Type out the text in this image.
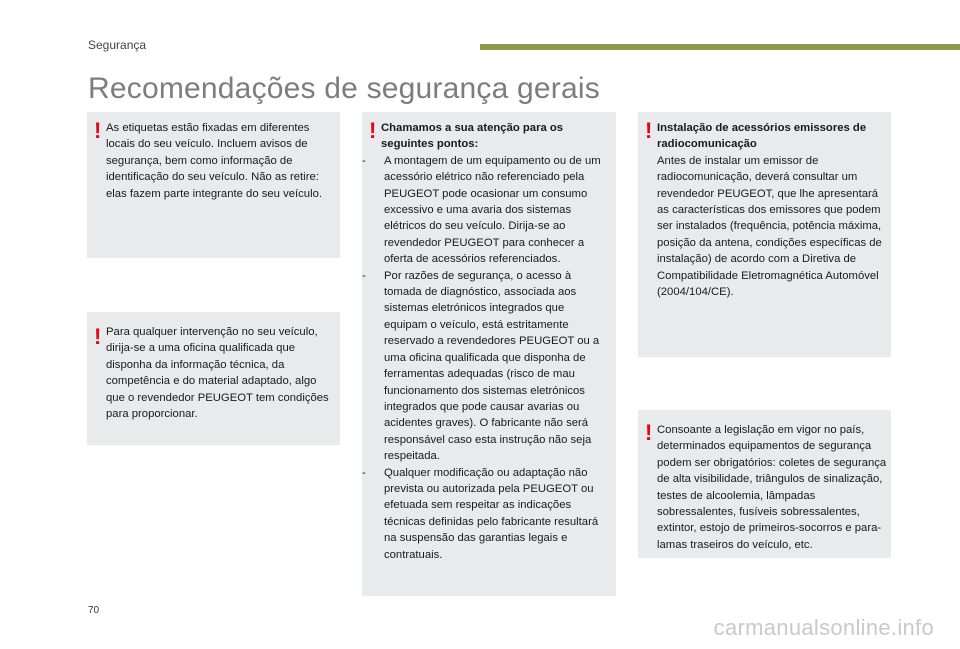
Segurança
Recomendações de segurança gerais
! As etiquetas estão fixadas em diferentes locais do seu veículo. Incluem avisos de segurança, bem como informação de identificação do seu veículo. Não as retire: elas fazem parte integrante do seu veículo.
! Para qualquer intervenção no seu veículo, dirija-se a uma oficina qualificada que disponha da informação técnica, da competência e do material adaptado, algo que o revendedor PEUGEOT tem condições para proporcionar.
! Chamamos a sua atenção para os seguintes pontos:
- A montagem de um equipamento ou de um acessório elétrico não referenciado pela PEUGEOT pode ocasionar um consumo excessivo e uma avaria dos sistemas elétricos do seu veículo. Dirija-se ao revendedor PEUGEOT para conhecer a oferta de acessórios referenciados.
- Por razões de segurança, o acesso à tomada de diagnóstico, associada aos sistemas eletrónicos integrados que equipam o veículo, está estritamente reservado a revendedores PEUGEOT ou a uma oficina qualificada que disponha de ferramentas adequadas (risco de mau funcionamento dos sistemas eletrónicos integrados que pode causar avarias ou acidentes graves). O fabricante não será responsável caso esta instrução não seja respeitada.
- Qualquer modificação ou adaptação não prevista ou autorizada pela PEUGEOT ou efetuada sem respeitar as indicações técnicas definidas pelo fabricante resultará na suspensão das garantias legais e contratuais.
! Instalação de acessórios emissores de radiocomunicação
Antes de instalar um emissor de radiocomunicação, deverá consultar um revendedor PEUGEOT, que lhe apresentará as características dos emissores que podem ser instalados (frequência, potência máxima, posição da antena, condições específicas de instalação) de acordo com a Diretiva de Compatibilidade Eletromagnética Automóvel (2004/104/CE).
! Consoante a legislação em vigor no país, determinados equipamentos de segurança podem ser obrigatórios: coletes de segurança de alta visibilidade, triângulos de sinalização, testes de alcoolemia, lâmpadas sobressalentes, fusíveis sobressalentes, extintor, estojo de primeiros-socorros e para-lamas traseiros do veículo, etc.
70
carmanualsonline.info
